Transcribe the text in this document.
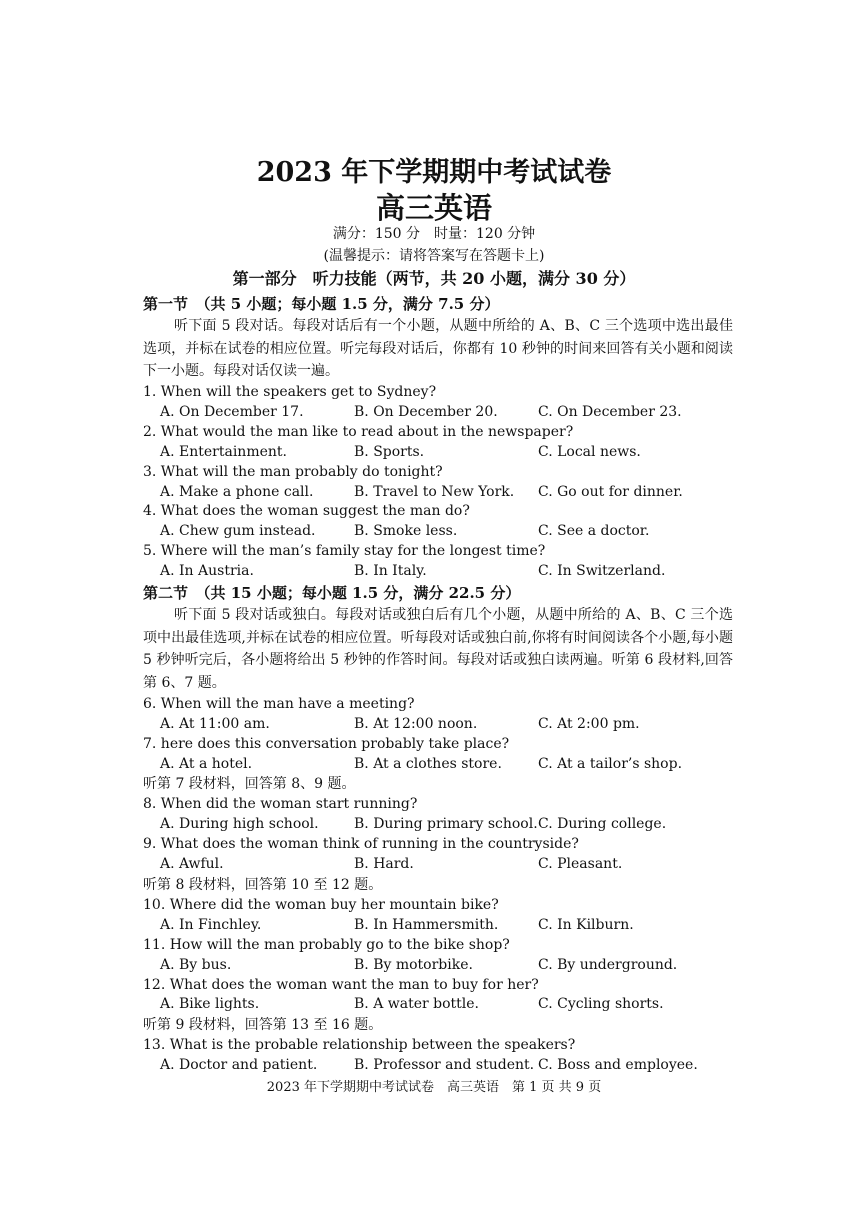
2023 年下学期期中考试试卷
高三英语
满分：150 分　时量：120 分钟
(温馨提示：请将答案写在答题卡上)
第一部分　听力技能（两节，共 20 小题，满分 30 分）
第一节　（共 5 小题；每小题 1.5 分，满分 7.5 分）

听下面 5 段对话。每段对话后有一个小题，从题中所给的 A、B、C 三个选项中选出最佳选项，并标在试卷的相应位置。听完每段对话后，你都有 10 秒钟的时间来回答有关小题和阅读下一小题。每段对话仅读一遍。

1. When will the speakers get to Sydney?
A. On December 17.	B. On December 20.	C. On December 23.
2. What would the man like to read about in the newspaper?
A. Entertainment.	B. Sports.	C. Local news.
3. What will the man probably do tonight?
A. Make a phone call.	B. Travel to New York. C. Go out for dinner.
4. What does the woman suggest the man do?
A. Chew gum instead.	B. Smoke less.	C. See a doctor.
5. Where will the man’s family stay for the longest time?
A. In Austria.	B. In Italy.	C. In Switzerland.
第二节　（共 15 小题；每小题 1.5 分，满分 22.5 分）

听下面 5 段对话或独白。每段对话或独白后有几个小题，从题中所给的 A、B、C 三个选项中出最佳选项,并标在试卷的相应位置。听每段对话或独白前,你将有时间阅读各个小题,每小题 5 秒钟听完后，各小题将给出 5 秒钟的作答时间。每段对话或独白读两遍。听第 6 段材料,回答第 6、7 题。

6. When will the man have a meeting?
A. At 11:00 am.	B. At 12:00 noon.	C. At 2:00 pm.
7. here does this conversation probably take place?
A. At a hotel.	B. At a clothes store.	C. At a tailor’s shop.
听第 7 段材料，回答第 8、9 题。
8. When did the woman start running?
A. During high school.	B. During primary school. C. During college.
9. What does the woman think of running in the countryside?
A. Awful.	B. Hard.	C. Pleasant.
听第 8 段材料，回答第 10 至 12 题。
10. Where did the woman buy her mountain bike?
A. In Finchley.	B. In Hammersmith.	C. In Kilburn.
11. How will the man probably go to the bike shop?
A. By bus.	B. By motorbike.	C. By underground.
12. What does the woman want the man to buy for her?
A. Bike lights.	B. A water bottle.	C. Cycling shorts.
听第 9 段材料，回答第 13 至 16 题。
13. What is the probable relationship between the speakers?
A. Doctor and patient.	B. Professor and student. C. Boss and employee.
2023 年下学期期中考试试卷　高三英语　第 1 页 共 9 页
